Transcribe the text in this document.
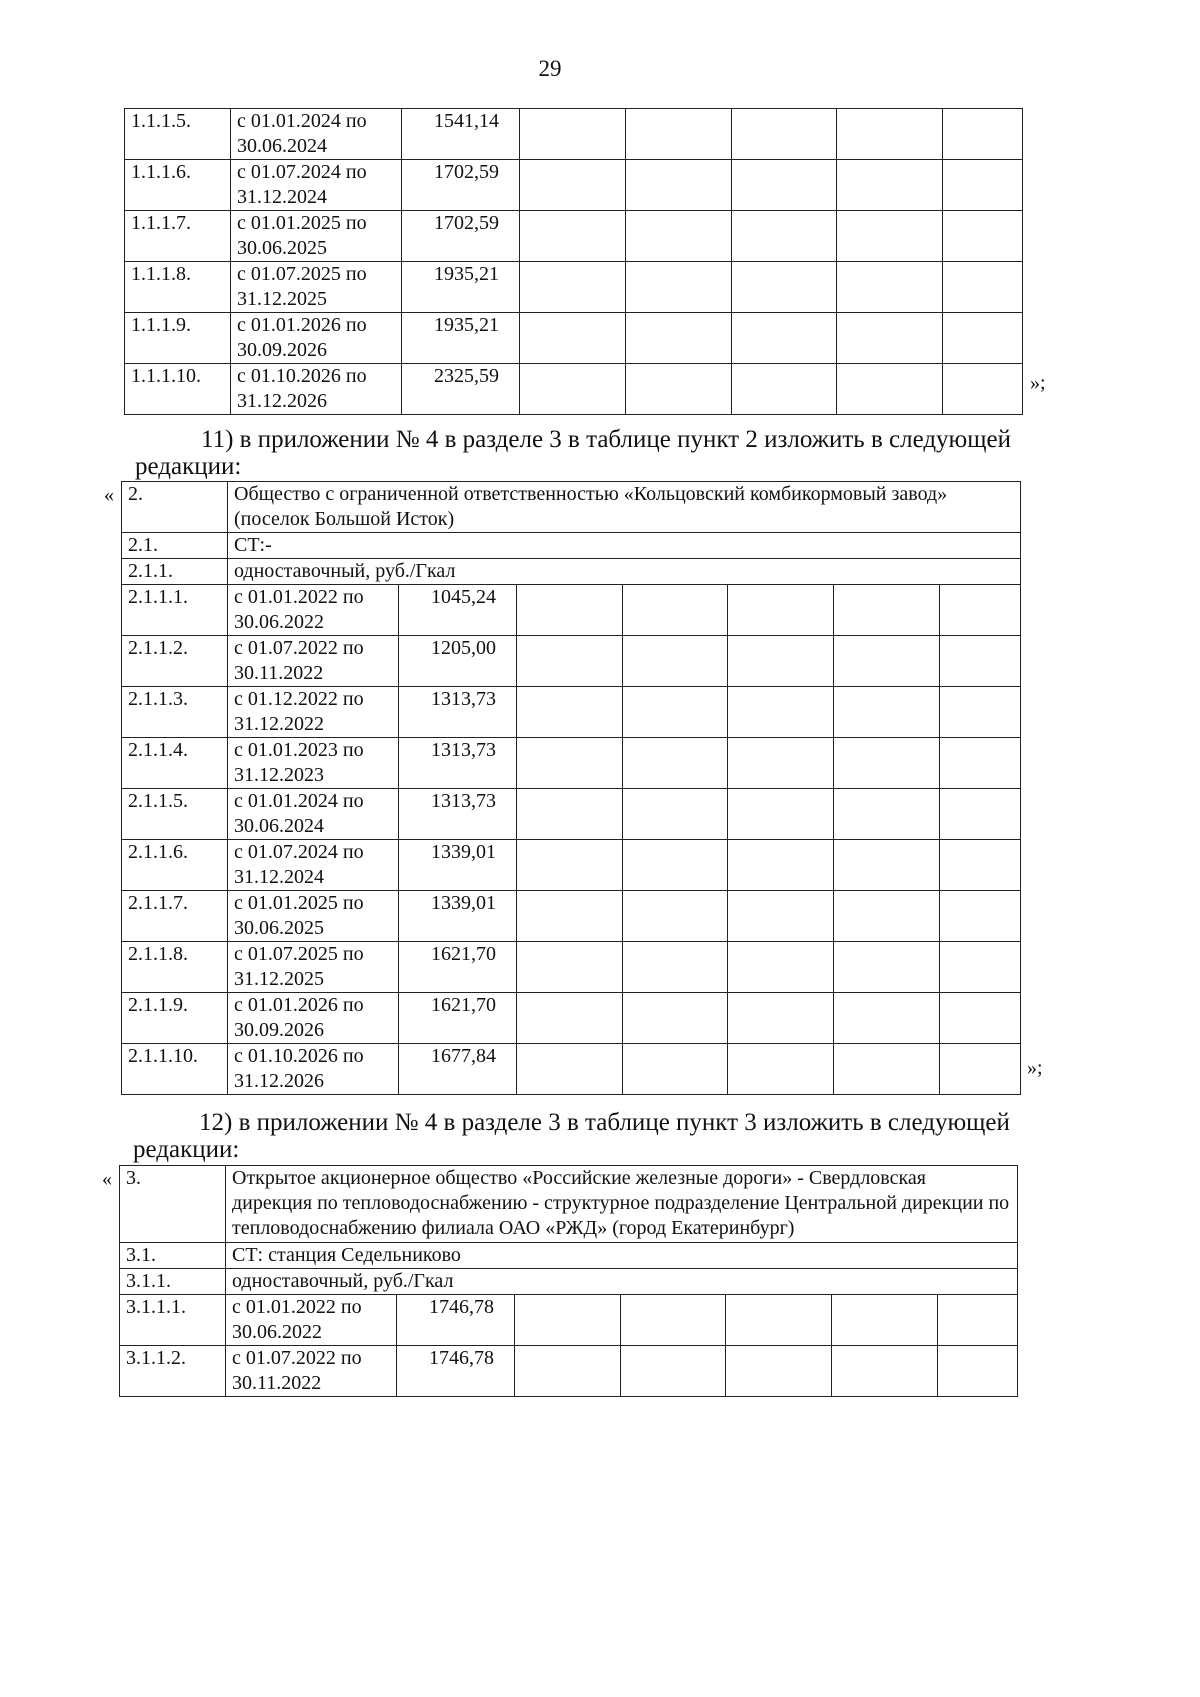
29
1.1.1.5.	с 01.01.2024 по 30.06.2024	1541,14					
1.1.1.6.	с 01.07.2024 по 31.12.2024	1702,59					
1.1.1.7.	с 01.01.2025 по 30.06.2025	1702,59					
1.1.1.8.	с 01.07.2025 по 31.12.2025	1935,21					
1.1.1.9.	с 01.01.2026 по 30.09.2026	1935,21					
1.1.1.10.	с 01.10.2026 по 31.12.2026	2325,59						»;
11) в приложении № 4 в разделе 3 в таблице пункт 2 изложить в следующей
редакции:
« 2.	Общество с ограниченной ответственностью «Кольцовский комбикормовый завод» (поселок Большой Исток)						
2.1.	СТ:-						
2.1.1.	одноставочный, руб./Гкал						
2.1.1.1.	с 01.01.2022 по 30.06.2022	1045,24					
2.1.1.2.	с 01.07.2022 по 30.11.2022	1205,00					
2.1.1.3.	с 01.12.2022 по 31.12.2022	1313,73					
2.1.1.4.	с 01.01.2023 по 31.12.2023	1313,73					
2.1.1.5.	с 01.01.2024 по 30.06.2024	1313,73					
2.1.1.6.	с 01.07.2024 по 31.12.2024	1339,01					
2.1.1.7.	с 01.01.2025 по 30.06.2025	1339,01					
2.1.1.8.	с 01.07.2025 по 31.12.2025	1621,70					
2.1.1.9.	с 01.01.2026 по 30.09.2026	1621,70					
2.1.1.10.	с 01.10.2026 по 31.12.2026	1677,84					
»;
12) в приложении № 4 в разделе 3 в таблице пункт 3 изложить в следующей
редакции:
« 3.	Открытое акционерное общество «Российские железные дороги» - Свердловская дирекция по тепловодоснабжению - структурное подразделение Центральной дирекции по тепловодоснабжению филиала ОАО «РЖД» (город Екатеринбург)						
3.1.	СТ: станция Седельниково						
3.1.1.	одноставочный, руб./Гкал						
3.1.1.1.	с 01.01.2022 по 30.06.2022	1746,78					
3.1.1.2.	с 01.07.2022 по 30.11.2022	1746,78					
